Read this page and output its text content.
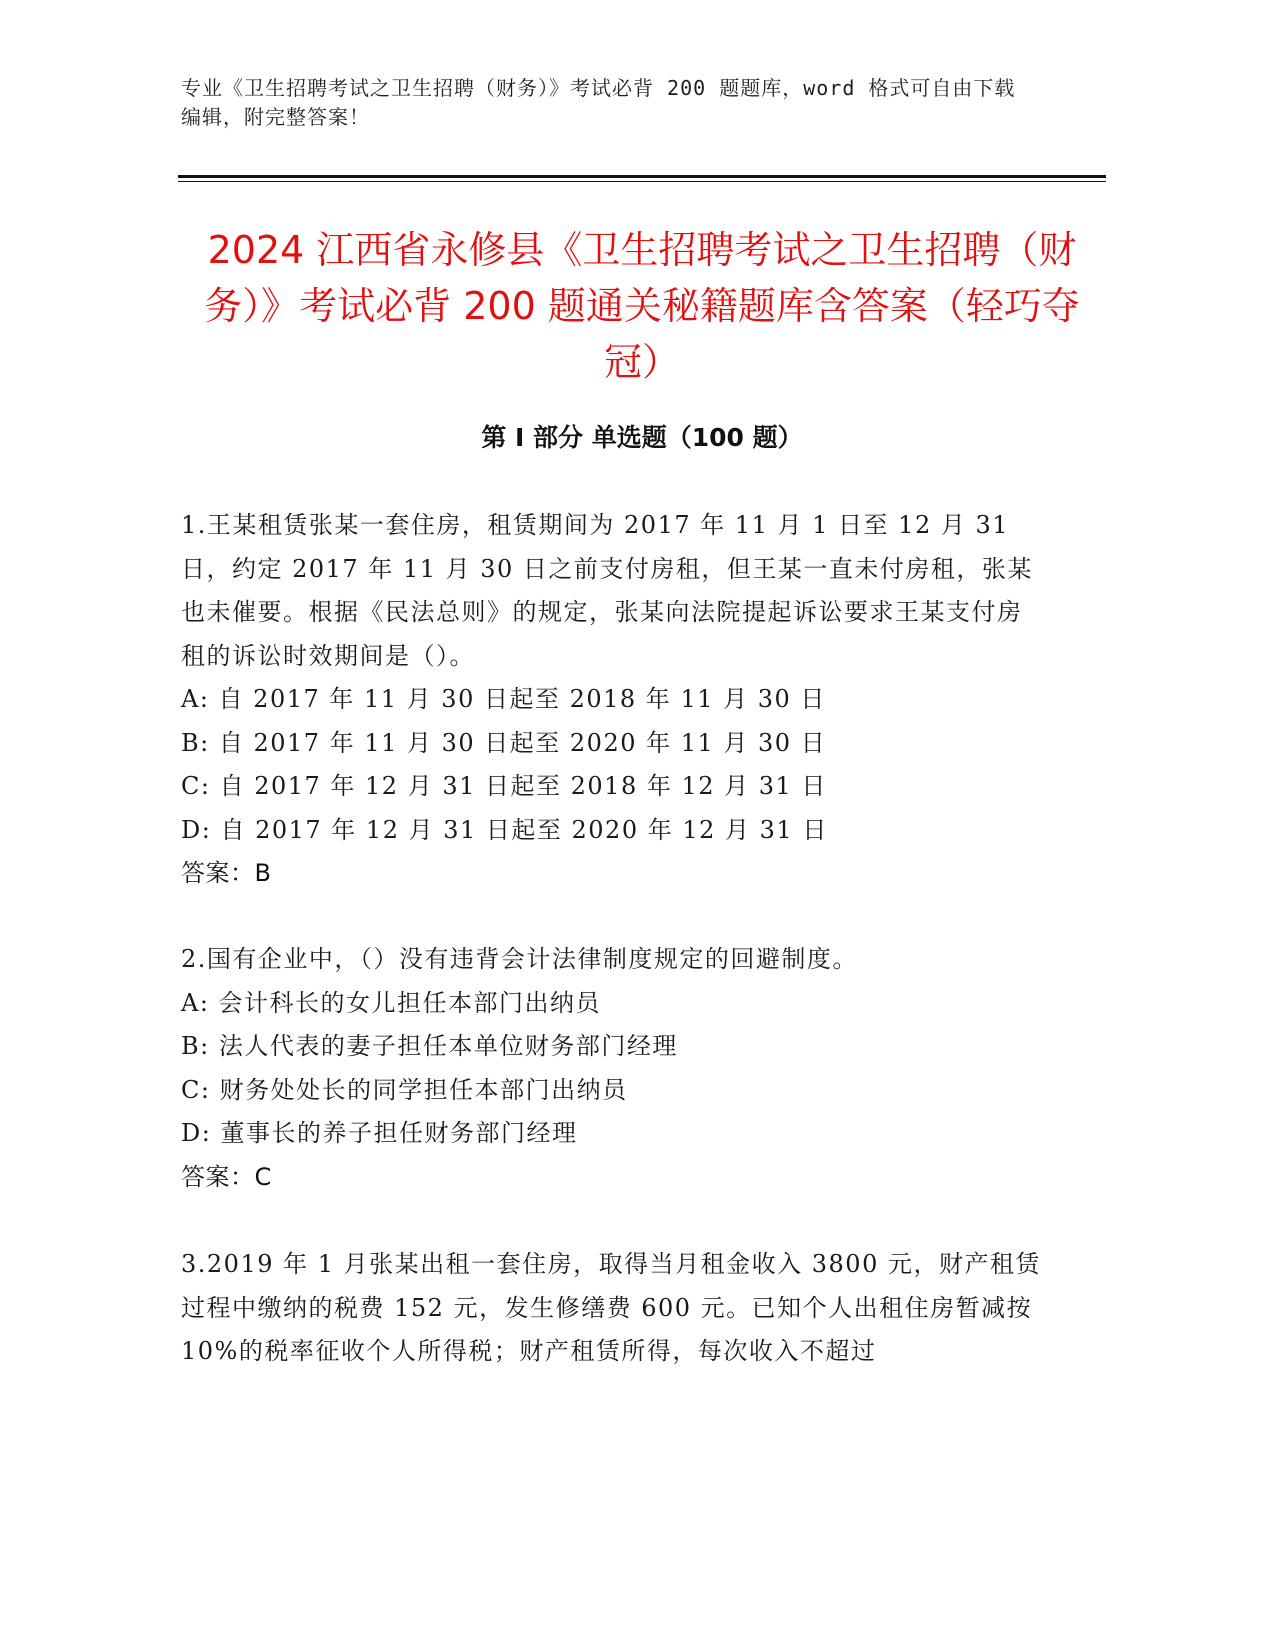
专业《卫生招聘考试之卫生招聘（财务）》考试必背 200 题题库，word 格式可自由下载编辑，附完整答案！
2024 江西省永修县《卫生招聘考试之卫生招聘（财务）》考试必背 200 题通关秘籍题库含答案（轻巧夺冠）
第 I 部分 单选题（100 题）

1.王某租赁张某一套住房，租赁期间为 2017 年 11 月 1 日至 12 月 31 日，约定 2017 年 11 月 30 日之前支付房租，但王某一直未付房租，张某也未催要。根据《民法总则》的规定，张某向法院提起诉讼要求王某支付房租的诉讼时效期间是（）。

A: 自 2017 年 11 月 30 日起至 2018 年 11 月 30 日

B: 自 2017 年 11 月 30 日起至 2020 年 11 月 30 日

C: 自 2017 年 12 月 31 日起至 2018 年 12 月 31 日

D: 自 2017 年 12 月 31 日起至 2020 年 12 月 31 日

答案：B

2.国有企业中，（）没有违背会计法律制度规定的回避制度。

A: 会计科长的女儿担任本部门出纳员

B: 法人代表的妻子担任本单位财务部门经理

C: 财务处处长的同学担任本部门出纳员

D: 董事长的养子担任财务部门经理

答案：C

3.2019 年 1 月张某出租一套住房，取得当月租金收入 3800 元，财产租赁过程中缴纳的税费 152 元，发生修缮费 600 元。已知个人出租住房暂减按 10%的税率征收个人所得税；财产租赁所得，每次收入不超过
